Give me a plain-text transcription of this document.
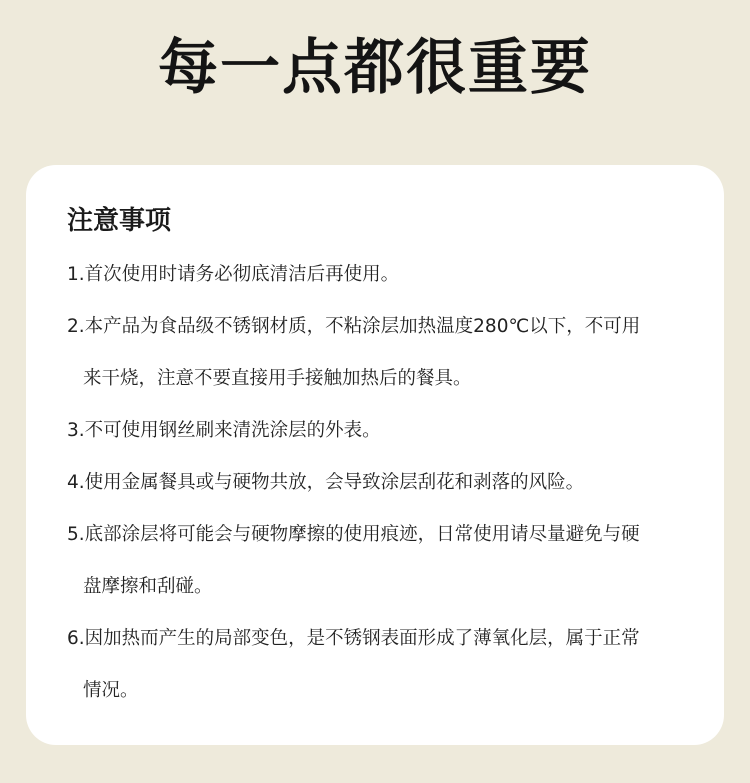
每一点都很重要
注意事项
1.首次使用时请务必彻底清洁后再使用。
2.本产品为食品级不锈钢材质，不粘涂层加热温度280℃以下，不可用
来干烧，注意不要直接用手接触加热后的餐具。
3.不可使用钢丝刷来清洗涂层的外表。
4.使用金属餐具或与硬物共放，会导致涂层刮花和剥落的风险。
5.底部涂层将可能会与硬物摩擦的使用痕迹，日常使用请尽量避免与硬
盘摩擦和刮碰。
6.因加热而产生的局部变色，是不锈钢表面形成了薄氧化层，属于正常
情况。
